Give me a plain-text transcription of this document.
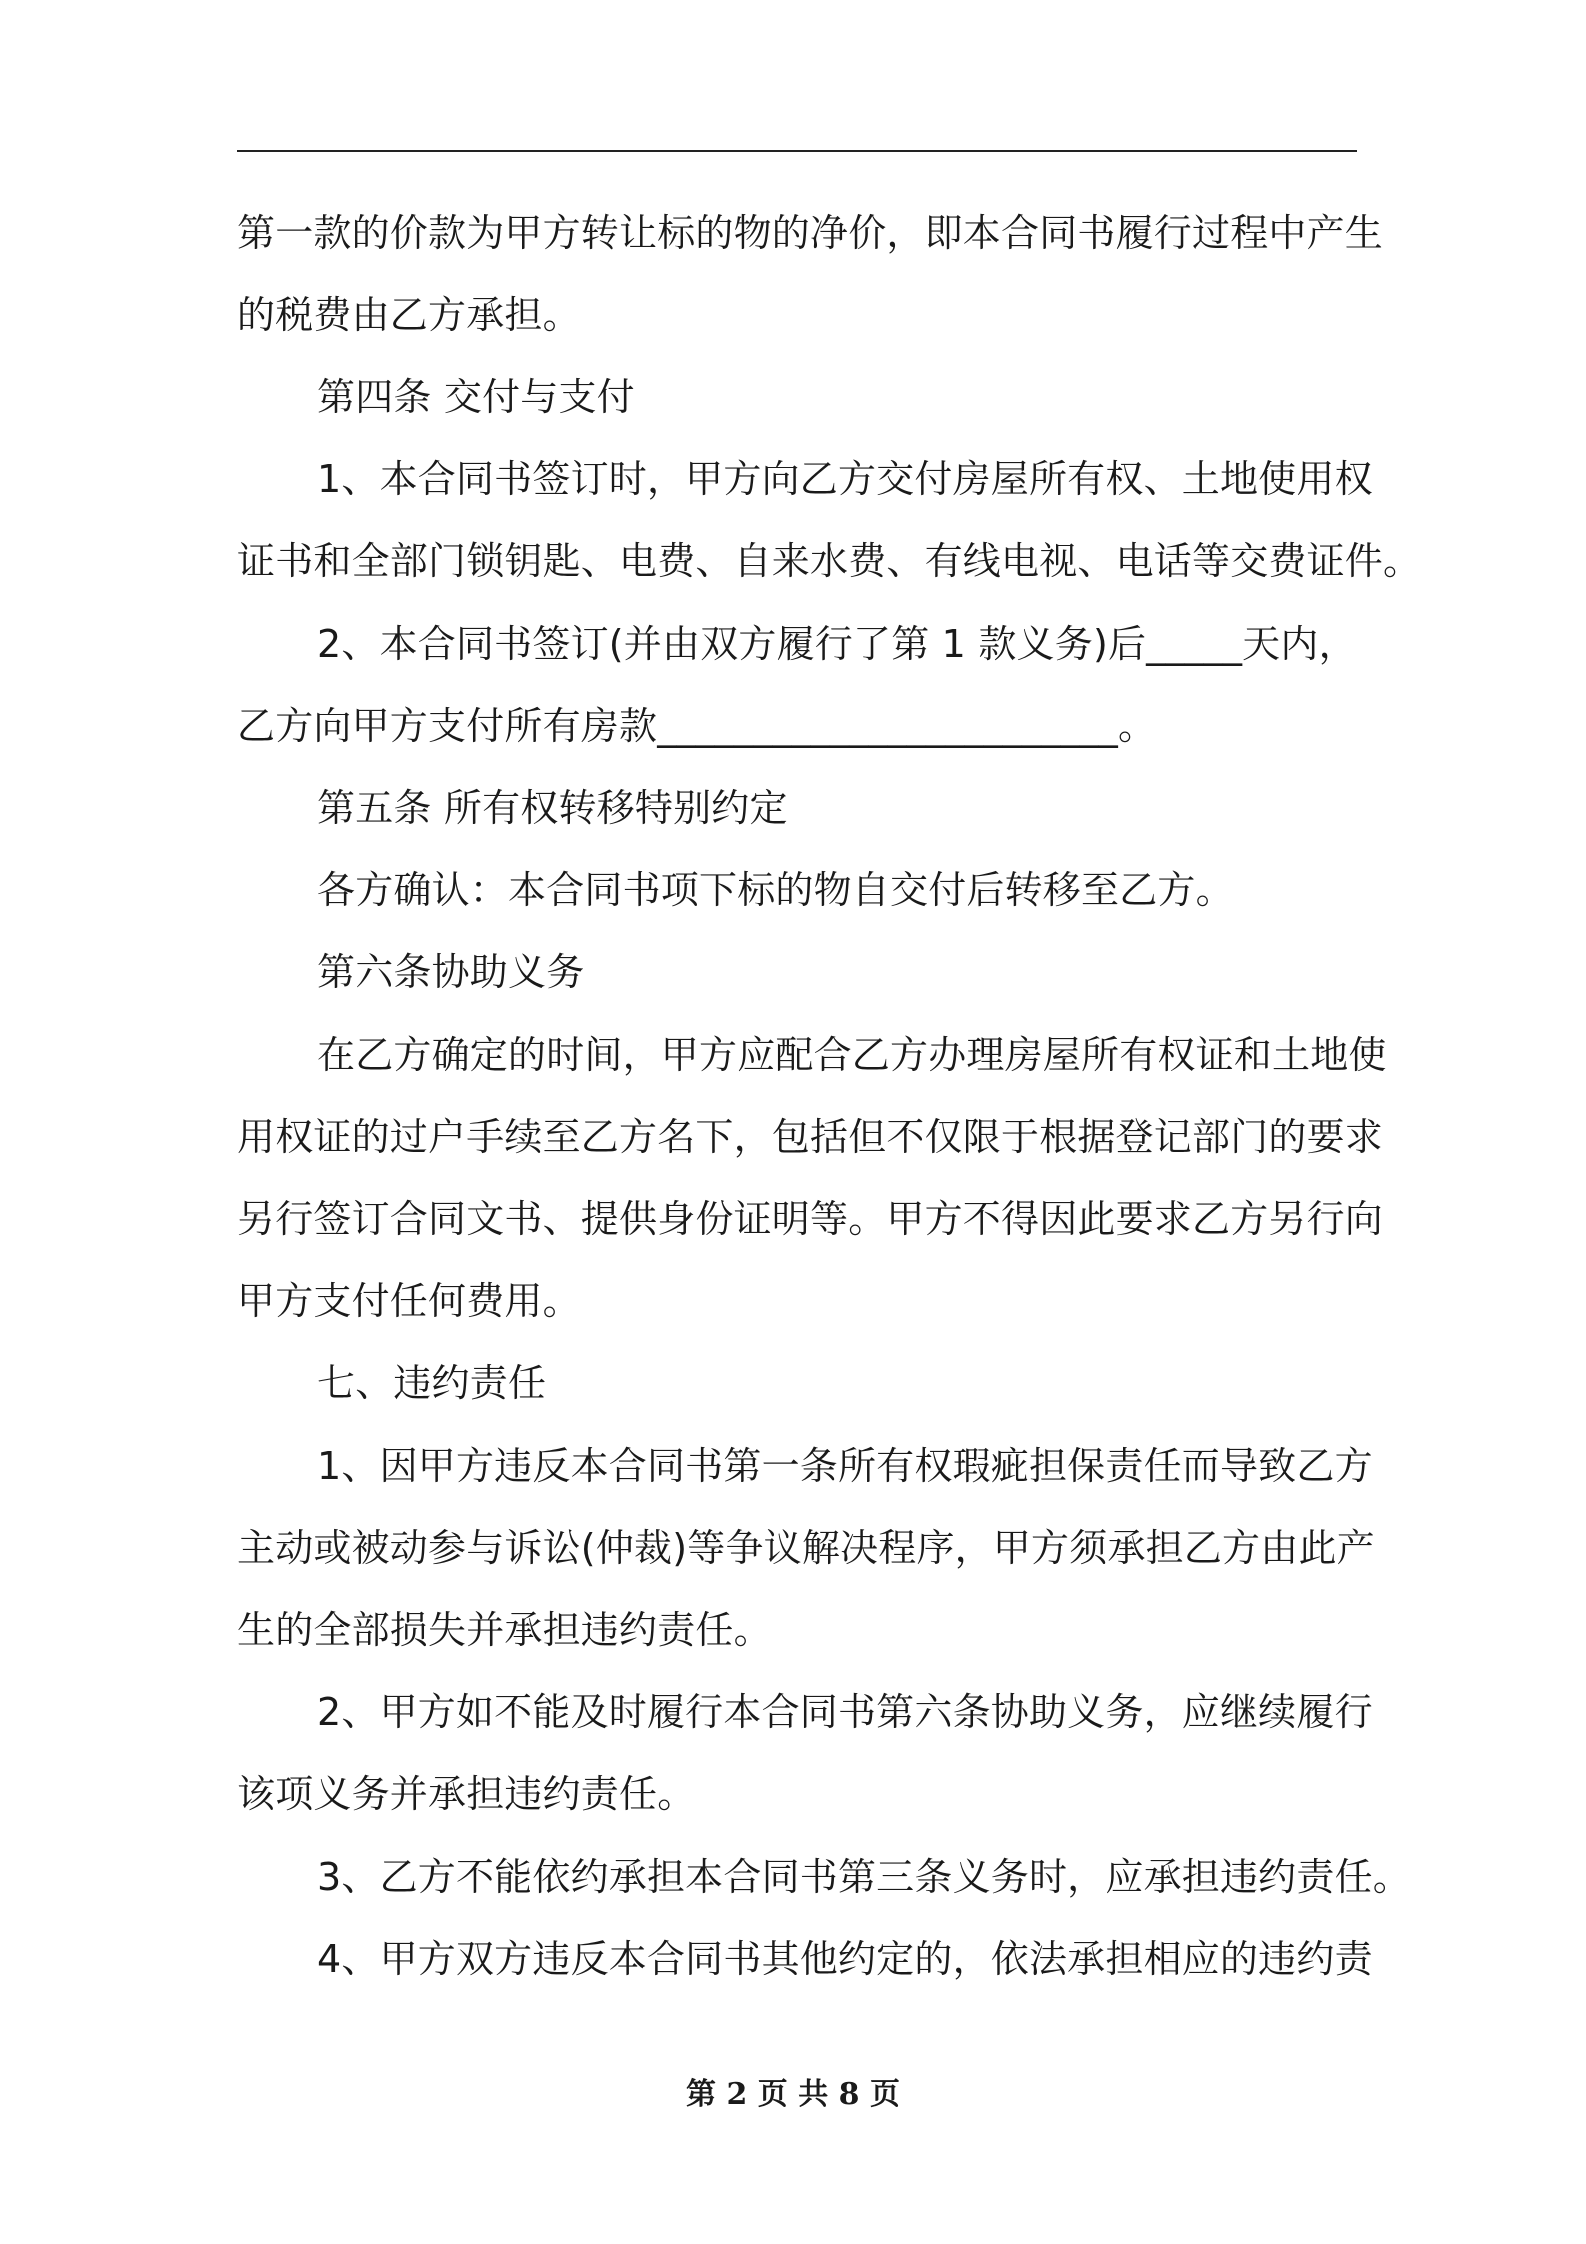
第一款的价款为甲方转让标的物的净价，即本合同书履行过程中产生
的税费由乙方承担。
第四条 交付与支付
1、本合同书签订时，甲方向乙方交付房屋所有权、土地使用权
证书和全部门锁钥匙、电费、自来水费、有线电视、电话等交费证件。
2、本合同书签订(并由双方履行了第 1 款义务)后_____天内，
乙方向甲方支付所有房款________________________。
第五条 所有权转移特别约定
各方确认：本合同书项下标的物自交付后转移至乙方。
第六条协助义务
在乙方确定的时间，甲方应配合乙方办理房屋所有权证和土地使
用权证的过户手续至乙方名下，包括但不仅限于根据登记部门的要求
另行签订合同文书、提供身份证明等。甲方不得因此要求乙方另行向
甲方支付任何费用。
七、违约责任
1、因甲方违反本合同书第一条所有权瑕疵担保责任而导致乙方
主动或被动参与诉讼(仲裁)等争议解决程序，甲方须承担乙方由此产
生的全部损失并承担违约责任。
2、甲方如不能及时履行本合同书第六条协助义务，应继续履行
该项义务并承担违约责任。
3、乙方不能依约承担本合同书第三条义务时，应承担违约责任。
4、甲方双方违反本合同书其他约定的，依法承担相应的违约责
第 2 页 共 8 页
